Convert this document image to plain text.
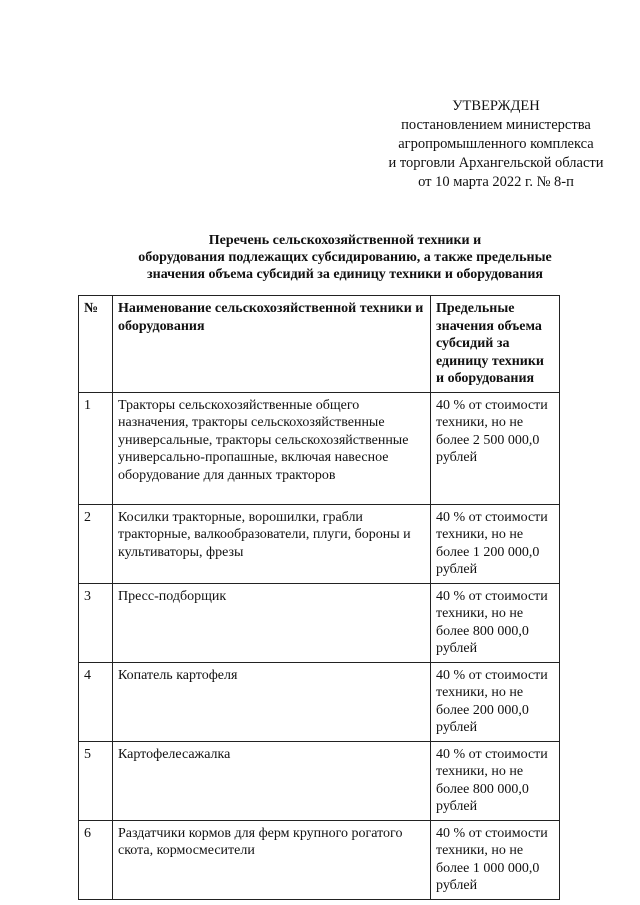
УТВЕРЖДЕН
постановлением министерства
агропромышленного комплекса
и торговли Архангельской области
от 10 марта 2022 г. № 8-п
Перечень сельскохозяйственной техники и
оборудования подлежащих субсидированию, а также предельные
значения объема субсидий за единицу техники и оборудования
№	Наименование сельскохозяйственной техники и оборудования	Предельные значения объема субсидий за единицу техники и оборудования
1	Тракторы сельскохозяйственные общего назначения, тракторы сельскохозяйственные универсальные, тракторы сельскохозяйственные универсально-пропашные, включая навесное оборудование для данных тракторов	40 % от стоимости техники, но не более 2 500 000,0 рублей
2	Косилки тракторные, ворошилки, грабли тракторные, валкообразователи, плуги, бороны и культиваторы, фрезы	40 % от стоимости техники, но не более 1 200 000,0 рублей
3	Пресс-подборщик	40 % от стоимости техники, но не более 800 000,0 рублей
4	Копатель картофеля	40 % от стоимости техники, но не более 200 000,0 рублей
5	Картофелесажалка	40 % от стоимости техники, но не более 800 000,0 рублей
6	Раздатчики кормов для ферм крупного рогатого скота, кормосмесители	40 % от стоимости техники, но не более 1 000 000,0 рублей
